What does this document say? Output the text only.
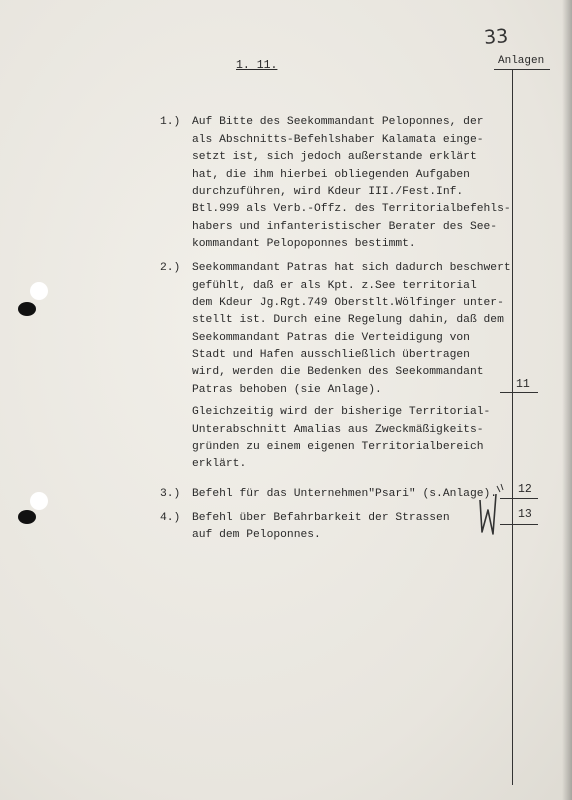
33
Anlagen
1. 11.
1.) Auf Bitte des Seekommandant Peloponnes, der
als Abschnitts-Befehlshaber Kalamata einge-
setzt ist, sich jedoch außerstande erklärt
hat, die ihm hierbei obliegenden Aufgaben
durchzuführen, wird Kdeur III./Fest.Inf.
Btl.999 als Verb.-Offz. des Territorialbefehls-
habers und infanteristischer Berater des See-
kommandant Pelopoponnes bestimmt.
2.) Seekommandant Patras hat sich dadurch beschwert
gefühlt, daß er als Kpt. z.See territorial
dem Kdeur Jg.Rgt.749 Oberstlt.Wölfinger unter-
stellt ist. Durch eine Regelung dahin, daß dem
Seekommandant Patras die Verteidigung von
Stadt und Hafen ausschließlich übertragen
wird, werden die Bedenken des Seekommandant
Patras behoben (sie Anlage).
Gleichzeitig wird der bisherige Territorial-
Unterabschnitt Amalias aus Zweckmäßigkeits-
gründen zu einem eigenen Territorialbereich
erklärt.
11
3.) Befehl für das Unternehmen"Psari" (s.Anlage). 12
4.) Befehl über Befahrbarkeit der Strassen
auf dem Peloponnes.
13
